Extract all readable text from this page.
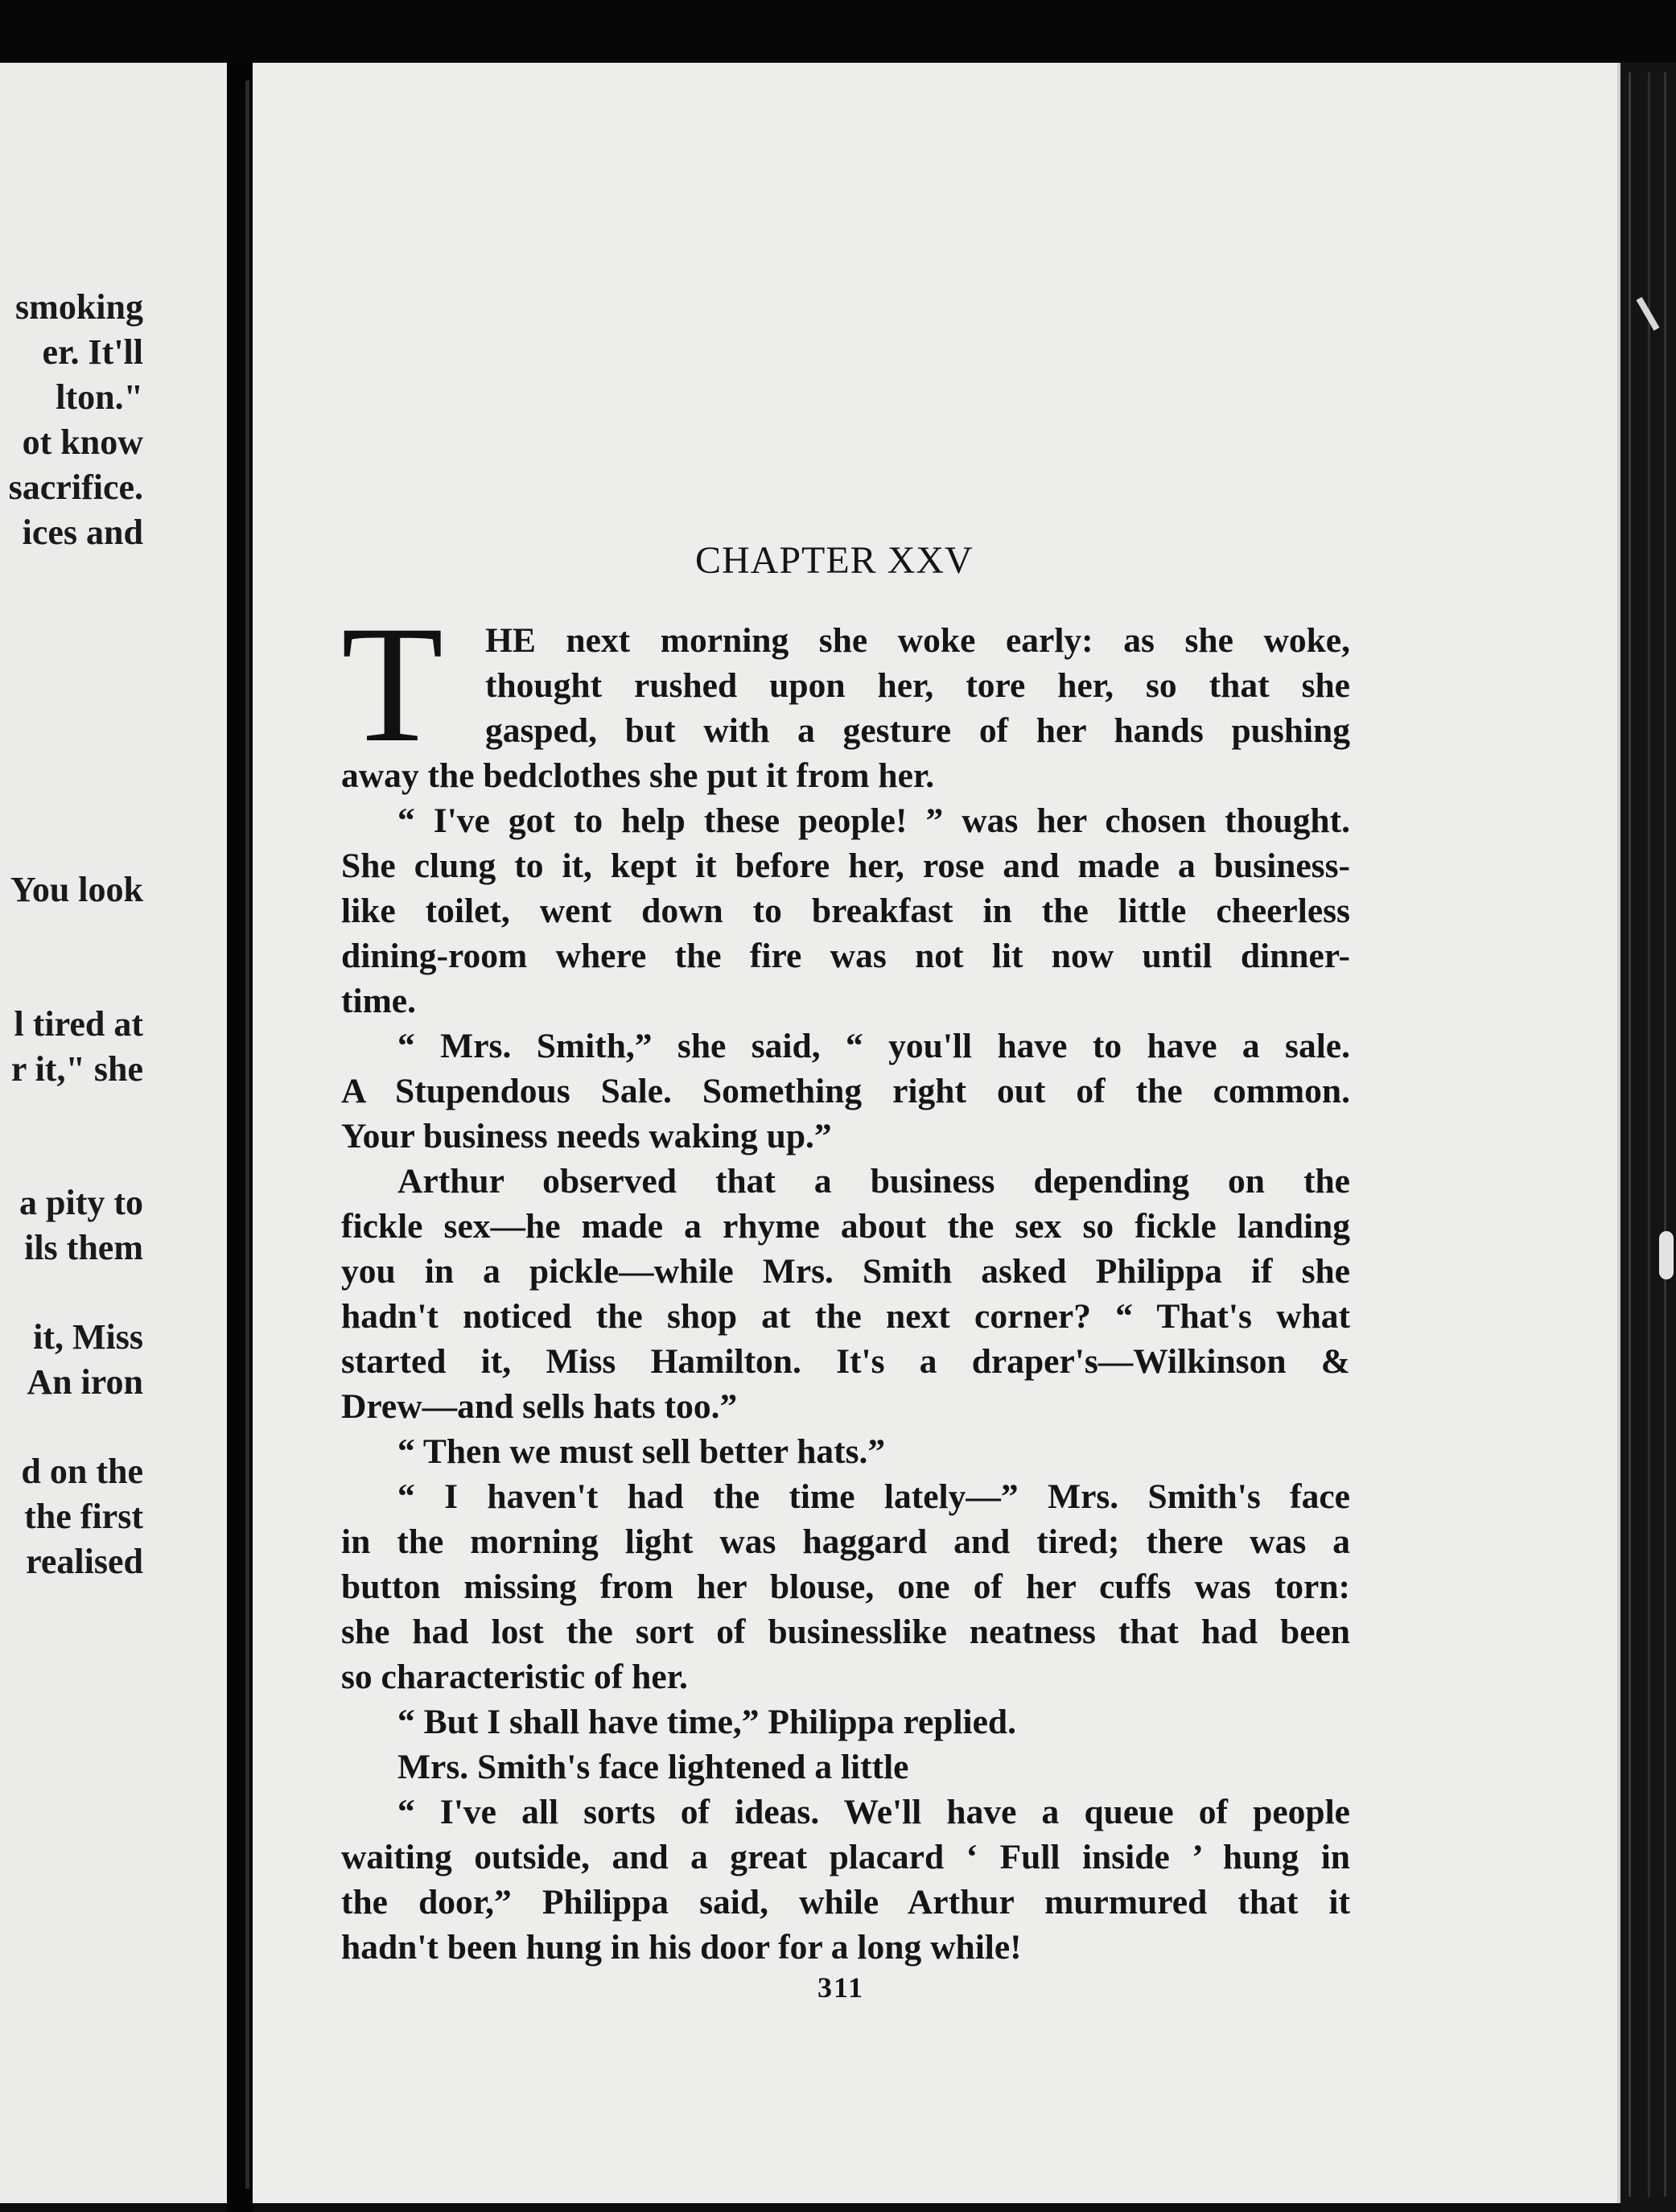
smoking
er. It'll
lton."
ot know
sacrifice.
ices and
You look
l tired at
r it," she
a pity to
ils them
it, Miss
An iron
d on the
the first
realised
CHAPTER XXV
T HE next morning she woke early: as she woke,
thought rushed upon her, tore her, so that she
gasped, but with a gesture of her hands pushing
away the bedclothes she put it from her.
“ I've got to help these people! ” was her chosen thought.
She clung to it, kept it before her, rose and made a business-
like toilet, went down to breakfast in the little cheerless
dining-room where the fire was not lit now until dinner-
time.
“ Mrs. Smith,” she said, “ you'll have to have a sale.
A Stupendous Sale. Something right out of the common.
Your business needs waking up.”
Arthur observed that a business depending on the
fickle sex—he made a rhyme about the sex so fickle landing
you in a pickle—while Mrs. Smith asked Philippa if she
hadn't noticed the shop at the next corner? “ That's what
started it, Miss Hamilton. It's a draper's—Wilkinson &
Drew—and sells hats too.”
“ Then we must sell better hats.”
“ I haven't had the time lately—” Mrs. Smith's face
in the morning light was haggard and tired; there was a
button missing from her blouse, one of her cuffs was torn:
she had lost the sort of businesslike neatness that had been
so characteristic of her.
“ But I shall have time,” Philippa replied.
Mrs. Smith's face lightened a little
“ I've all sorts of ideas. We'll have a queue of people
waiting outside, and a great placard ‘ Full inside ’ hung in
the door,” Philippa said, while Arthur murmured that it
hadn't been hung in his door for a long while!
311
